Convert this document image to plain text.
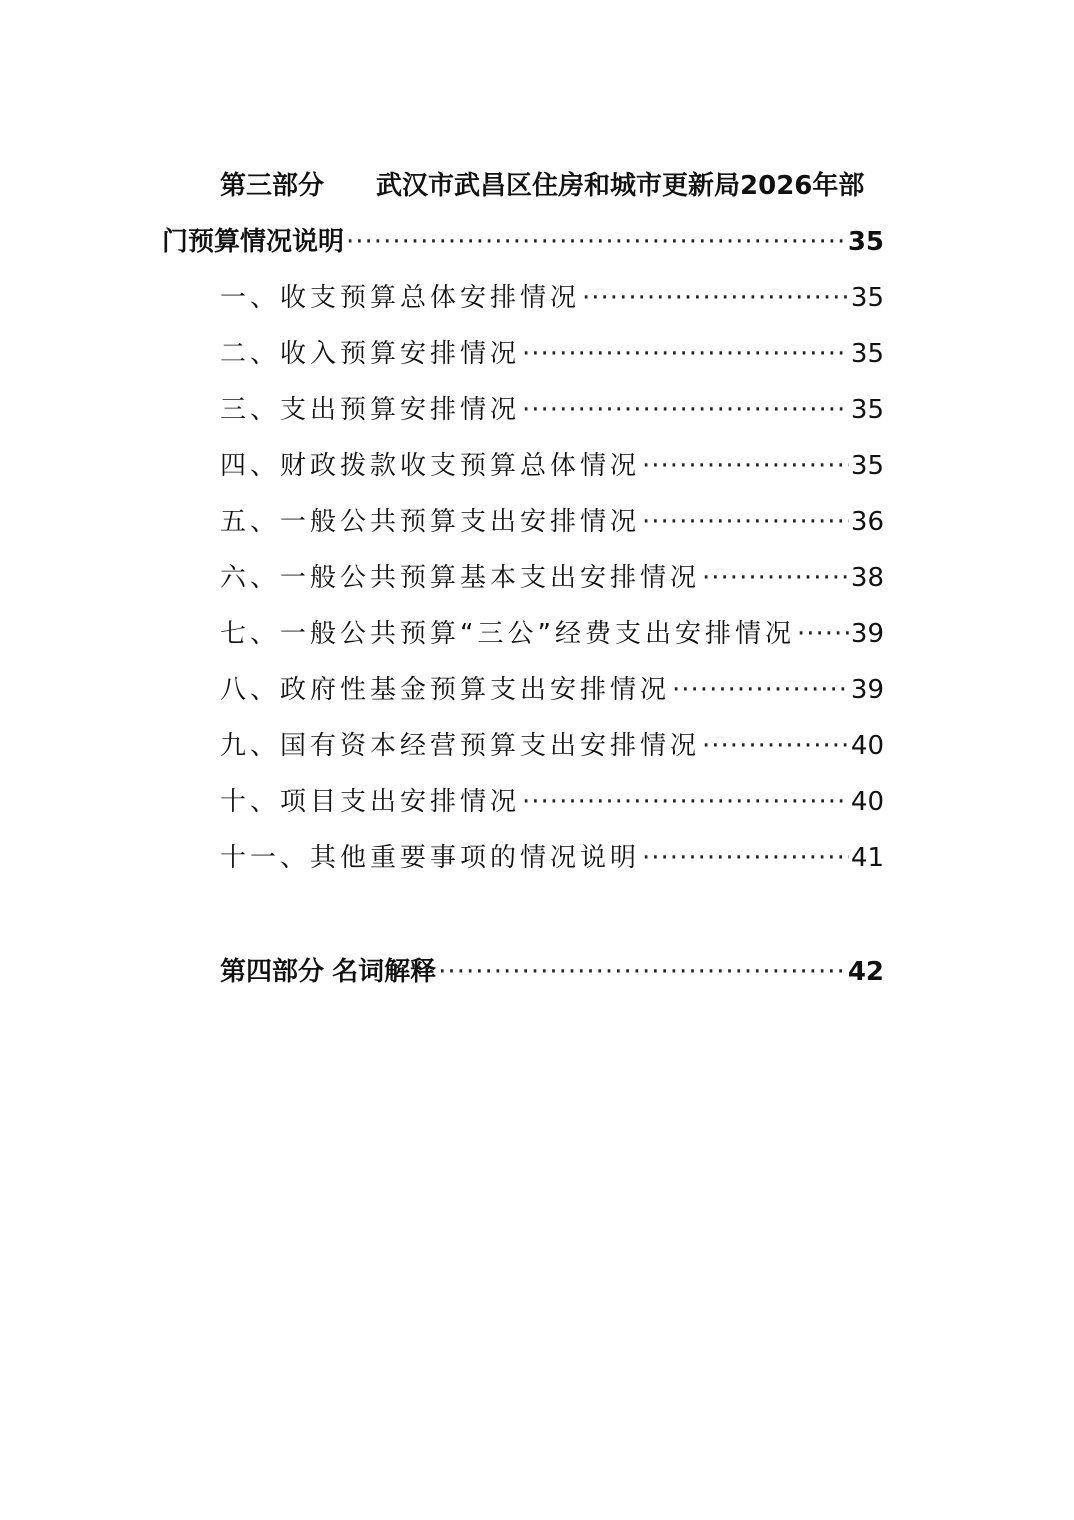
第三部分 武汉市武昌区住房和城市更新局2026年部
门预算情况说明 ·····	35
一、收支预算总体安排情况 ·····	35
二、收入预算安排情况 ·····	35
三、支出预算安排情况 ·····	35
四、财政拨款收支预算总体情况 ·····	35
五、一般公共预算支出安排情况 ·····	36
六、一般公共预算基本支出安排情况 ·····	38
七、一般公共预算“三公”经费支出安排情况 ····· 39
八、政府性基金预算支出安排情况 ·····	39
九、国有资本经营预算支出安排情况 ·····	40
十、项目支出安排情况 ·····	40
十一、其他重要事项的情况说明 ·····	41
第四部分 名词解释 ·····	42
